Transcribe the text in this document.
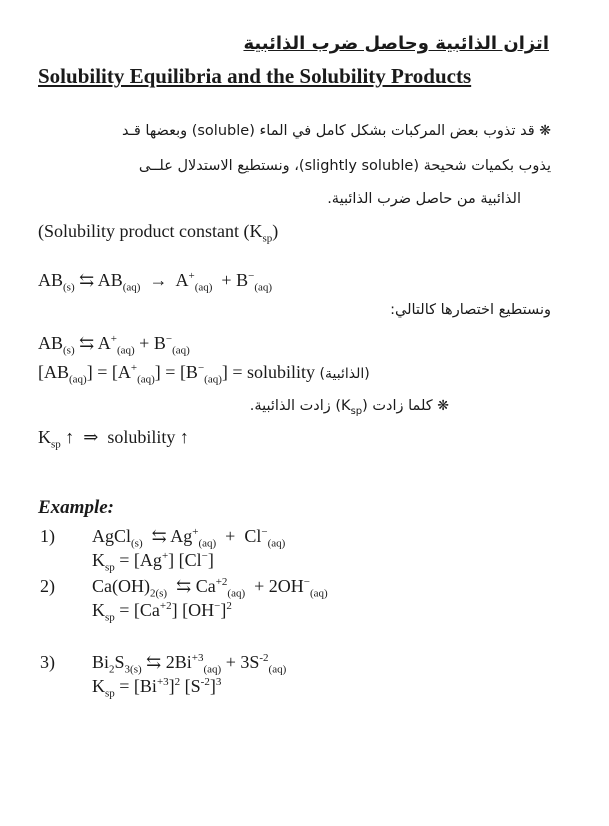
اتزان الذائبية وحاصل ضرب الذائبية
Solubility Equilibria and the Solubility Products
❋ قد تذوب بعض المركبات بشكل كامل في الماء (soluble) وبعضها قـد
يذوب بكميات شحيحة (slightly soluble)، ونستطيع الاستدلال علــى
الذائبية من حاصل ضرب الذائبية.
(Solubility product constant $(K_{sp})$
$AB_{(s)}$ ⇆ $AB_{(aq)} \to A^+_{(aq)} + B^-_{(aq)}$
ونستطيع اختصارها كالتالي:
$AB_{(s)}$ ⇆ $A^+_{(aq)} + B^-_{(aq)}$
$[AB_{(aq)}] = [A^+_{(aq)}] = [B^-_{(aq)}]$ = solubility (الذائبية)
❋ كلما زادت $(K_{sp})$ زادت الذائبية.
$K_{sp}$ ↑ ⇒ solubility ↑
Example:
1) AgCl$_{(s)}$ ⇆ $Ag^+_{(aq)} + Cl^-_{(aq)}$
$K_{sp} = [Ag^+]$ [Cl−]
2) $Ca(OH)_{2(s)}$ ⇆ $Ca^{+2}_{(aq)} + 2OH^-_{(aq)}$
$K_{sp} = [Ca^{+2}]$ $[OH^-]^2$
3) $Bi_2S_{3(s)}$ ⇆ $2Bi^{+3}_{(aq)} + 3S^{-2}_{(aq)}$
$K_{sp} = [Bi^{+3}]^2$ $[S^{-2}]^3$
